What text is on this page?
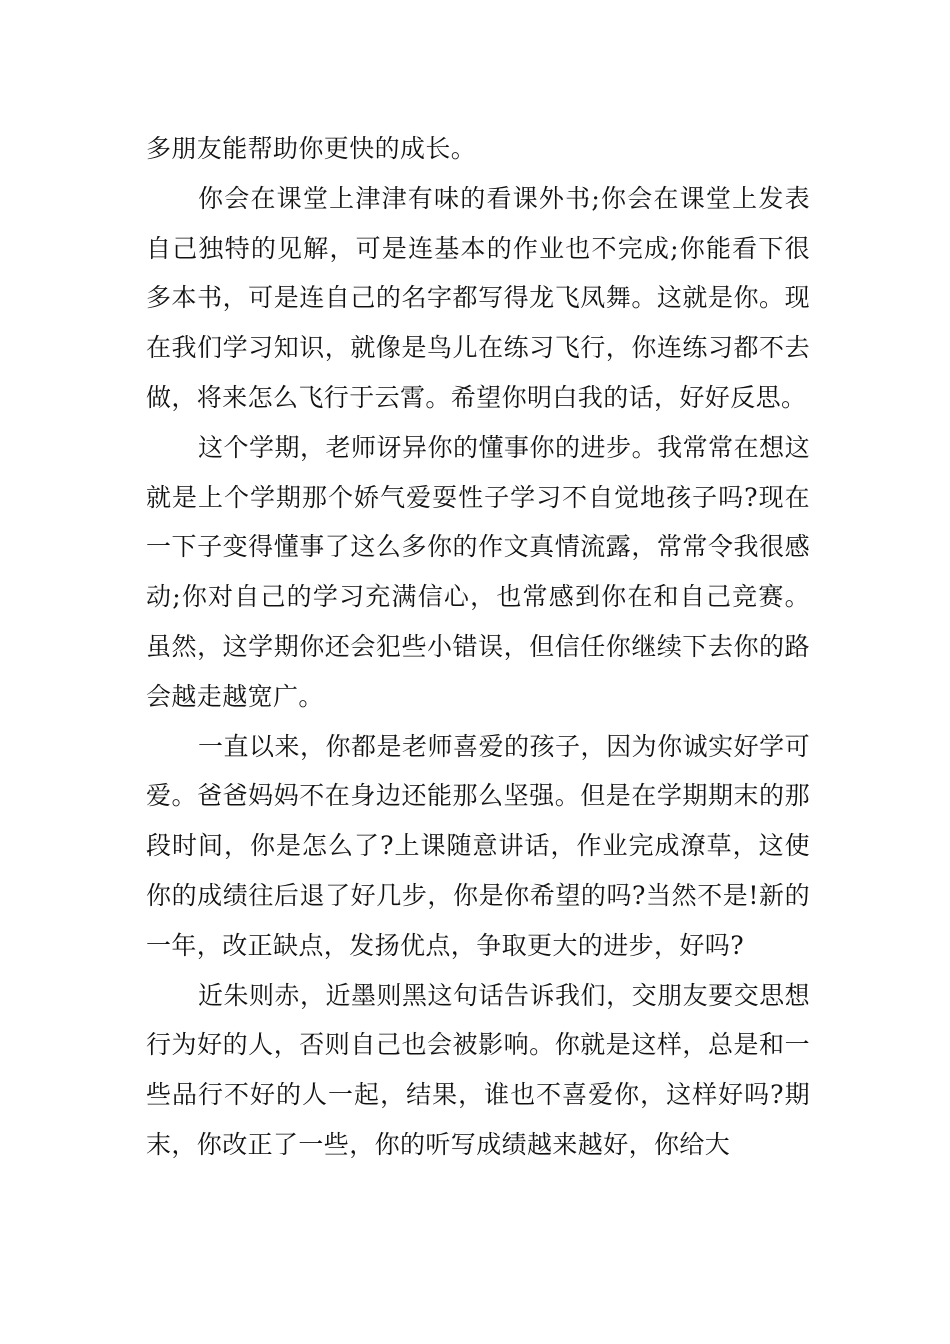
多朋友能帮助你更快的成长。

你会在课堂上津津有味的看课外书;你会在课堂上发表自己独特的见解，可是连基本的作业也不完成;你能看下很多本书，可是连自己的名字都写得龙飞凤舞。这就是你。现在我们学习知识，就像是鸟儿在练习飞行，你连练习都不去做，将来怎么飞行于云霄。希望你明白我的话，好好反思。

这个学期，老师讶异你的懂事你的进步。我常常在想这就是上个学期那个娇气爱耍性子学习不自觉地孩子吗?现在一下子变得懂事了这么多你的作文真情流露，常常令我很感动;你对自己的学习充满信心，也常感到你在和自己竞赛。虽然，这学期你还会犯些小错误，但信任你继续下去你的路会越走越宽广。

一直以来，你都是老师喜爱的孩子，因为你诚实好学可爱。爸爸妈妈不在身边还能那么坚强。但是在学期期末的那段时间，你是怎么了?上课随意讲话，作业完成潦草，这使你的成绩往后退了好几步，你是你希望的吗?当然不是!新的一年，改正缺点，发扬优点，争取更大的进步，好吗?

近朱则赤，近墨则黑这句话告诉我们，交朋友要交思想行为好的人，否则自己也会被影响。你就是这样，总是和一些品行不好的人一起，结果，谁也不喜爱你，这样好吗?期末，你改正了一些，你的听写成绩越来越好，你给大
